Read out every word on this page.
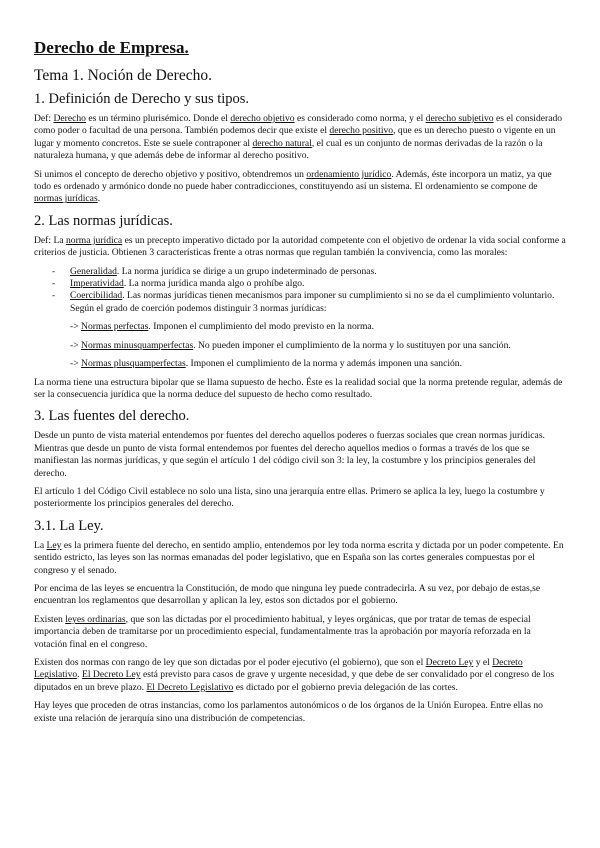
Derecho de Empresa.
Tema 1. Noción de Derecho.
1. Definición de Derecho y sus tipos.

Def: Derecho es un término plurisémico. Donde el derecho objetivo es considerado como norma, y el derecho subjetivo es el considerado como poder o facultad de una persona. También podemos decir que existe el derecho positivo, que es un derecho puesto o vigente en un lugar y momento concretos. Este se suele contraponer al derecho natural, el cual es un conjunto de normas derivadas de la razón o la naturaleza humana, y que además debe de informar al derecho positivo.

Si unimos el concepto de derecho objetivo y positivo, obtendremos un ordenamiento jurídico. Además, éste incorpora un matiz, ya que todo es ordenado y armónico donde no puede haber contradicciones, constituyendo así un sistema. El ordenamiento se compone de normas jurídicas.

2. Las normas jurídicas.

Def: La norma jurídica es un precepto imperativo dictado por la autoridad competente con el objetivo de ordenar la vida social conforme a criterios de justicia. Obtienen 3 características frente a otras normas que regulan también la convivencia, como las morales:

- Generalidad. La norma jurídica se dirige a un grupo indeterminado de personas.
- Imperatividad. La norma jurídica manda algo o prohíbe algo.
- Coercibilidad. Las normas jurídicas tienen mecanismos para imponer su cumplimiento si no se da el cumplimiento voluntario. Según el grado de coerción podemos distinguir 3 normas jurídicas:

-> Normas perfectas. Imponen el cumplimiento del modo previsto en la norma.

-> Normas minusquamperfectas. No pueden imponer el cumplimiento de la norma y lo sustituyen por una sanción.

-> Normas plusquamperfectas. Imponen el cumplimiento de la norma y además imponen una sanción.

La norma tiene una estructura bipolar que se llama supuesto de hecho. Éste es la realidad social que la norma pretende regular, además de ser la consecuencia jurídica que la norma deduce del supuesto de hecho como resultado.

3. Las fuentes del derecho.

Desde un punto de vista material entendemos por fuentes del derecho aquellos poderes o fuerzas sociales que crean normas jurídicas. Mientras que desde un punto de vista formal entendemos por fuentes del derecho aquellos medios o formas a través de los que se manifiestan las normas jurídicas, y que según el artículo 1 del código civil son 3: la ley, la costumbre y los principios generales del derecho.

El artículo 1 del Código Civil establece no solo una lista, sino una jerarquía entre ellas. Primero se aplica la ley, luego la costumbre y posteriormente los principios generales del derecho.

3.1. La Ley.

La Ley es la primera fuente del derecho, en sentido amplio, entendemos por ley toda norma escrita y dictada por un poder competente. En sentido estricto, las leyes son las normas emanadas del poder legislativo, que en España son las cortes generales compuestas por el congreso y el senado.

Por encima de las leyes se encuentra la Constitución, de modo que ninguna ley puede contradecirla. A su vez, por debajo de estas,se encuentran los reglamentos que desarrollan y aplican la ley, estos son dictados por el gobierno.

Existen leyes ordinarias, que son las dictadas por el procedimiento habitual, y leyes orgánicas, que por tratar de temas de especial importancia deben de tramitarse por un procedimiento especial, fundamentalmente tras la aprobación por mayoría reforzada en la votación final en el congreso.

Existen dos normas con rango de ley que son dictadas por el poder ejecutivo (el gobierno), que son el Decreto Ley y el Decreto Legislativo. El Decreto Ley está previsto para casos de grave y urgente necesidad, y que debe de ser convalidado por el congreso de los diputados en un breve plazo. El Decreto Legislativo es dictado por el gobierno previa delegación de las cortes.

Hay leyes que proceden de otras instancias, como los parlamentos autonómicos o de los órganos de la Unión Europea. Entre ellas no existe una relación de jerarquía sino una distribución de competencias.
